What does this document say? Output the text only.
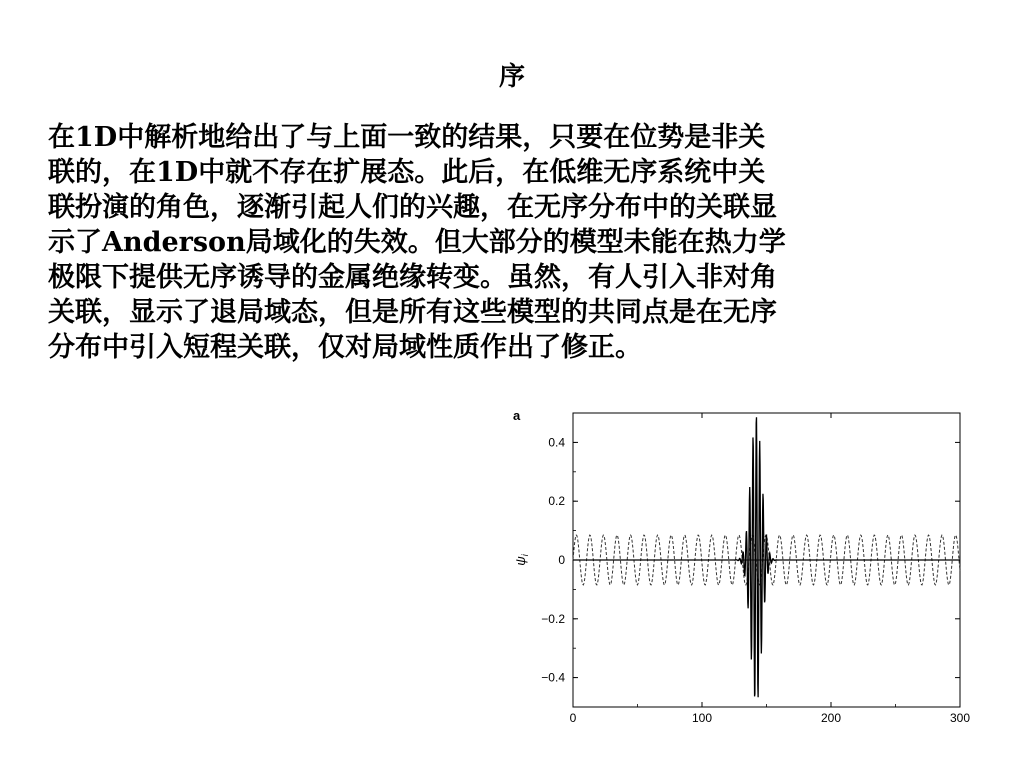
序
在1D中解析地给出了与上面一致的结果，只要在位势是非关
联的，在1D中就不存在扩展态。此后，在低维无序系统中关
联扮演的角色，逐渐引起人们的兴趣，在无序分布中的关联显
示了Anderson局域化的失效。但大部分的模型未能在热力学
极限下提供无序诱导的金属绝缘转变。虽然，有人引入非对角
关联，显示了退局域态，但是所有这些模型的共同点是在无序
分布中引入短程关联，仅对局域性质作出了修正。
a
0.4
0.2
0
−0.2
−0.4
0	100	200	300
$\psi_i$
